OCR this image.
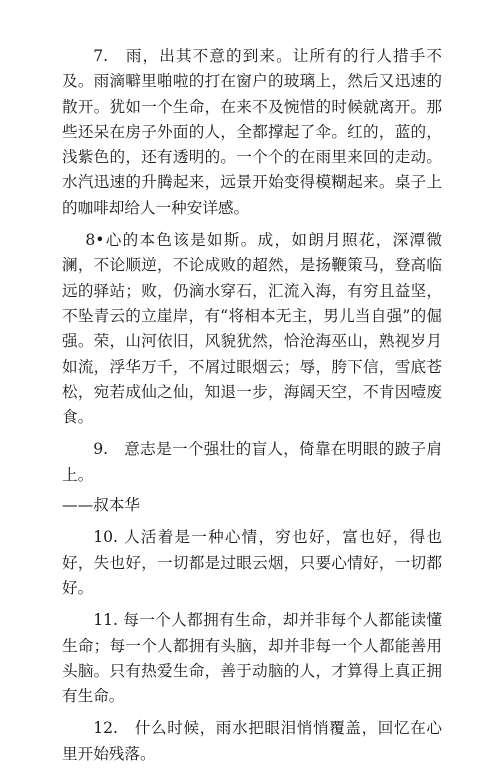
7.　雨，出其不意的到来。让所有的行人措手不及。雨滴噼里啪啦的打在窗户的玻璃上，然后又迅速的散开。犹如一个生命，在来不及惋惜的时候就离开。那些还呆在房子外面的人，全都撑起了伞。红的，蓝的，浅紫色的，还有透明的。一个个的在雨里来回的走动。水汽迅速的升腾起来，远景开始变得模糊起来。桌子上的咖啡却给人一种安详感。

8•心的本色该是如斯。成，如朗月照花，深潭微澜，不论顺逆，不论成败的超然，是扬鞭策马，登高临远的驿站；败，仍滴水穿石，汇流入海，有穷且益坚，不坠青云的立崖岸，有“将相本无主，男儿当自强”的倔强。荣，山河依旧，风貌犹然，恰沧海巫山，熟视岁月如流，浮华万千，不屑过眼烟云；辱，胯下信，雪底苍松，宛若成仙之仙，知退一步，海阔天空，不肯因噎废食。

9.　意志是一个强壮的盲人，倚靠在明眼的跛子肩上。

——叔本华

10. 人活着是一种心情，穷也好，富也好，得也好，失也好，一切都是过眼云烟，只要心情好，一切都好。

11. 每一个人都拥有生命，却并非每个人都能读懂生命；每一个人都拥有头脑，却并非每一个人都能善用头脑。只有热爱生命，善于动脑的人，才算得上真正拥有生命。

12.　什么时候，雨水把眼泪悄悄覆盖，回忆在心里开始残落。
